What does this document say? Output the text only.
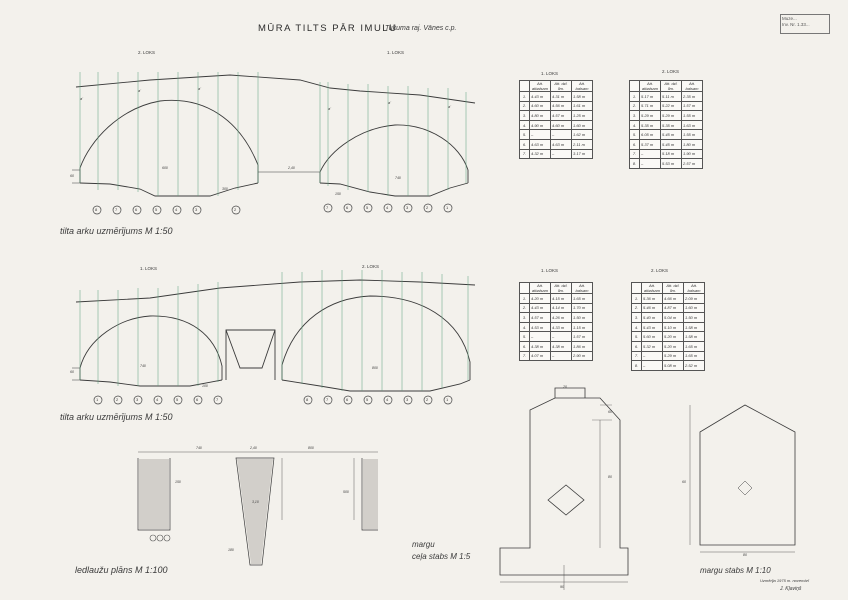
MŪRA TILTS PĀR IMULU
Tukuma raj. Vānes c.p.
Muze...
Inv. Nr. 1.33...
2. LOKS	1. LOKS
1. LOKS	2. LOKS
a'
a'	a'
a'
a'
a'
600	2,40
740
300
60
150
8	7	6	5	4	3	2	7	6	5	4	3	2	1
tilta arku uzmērījums M 1:50
740	800
100
60
1	2	3	4	5	6	7	8	7	6	5	4	3	2	1
tilta arku uzmērījums M 1:50
1. LOKS
	Att. atbalsam	Att. dzī. līm.	Att. balsam
1.	4.43 m	4.31 m	1.58 m
2.	4.60 m	4.56 m	1.61 m
3.	4.80 m	4.57 m	1.25 m
4.	4.90 m	4.60 m	1.60 m
5.	–	–	1.62 m
6.	4.63 m	4.63 m	2.11 m
7.	4.32 m	–	3.17 m
2. LOKS
	Att. atbalsam	Att. dzī. līm.	Att. balsam
1.	5.17 m	5.11 m	2.35 m
2.	5.71 m	5.22 m	1.57 m
3.	5.29 m	5.29 m	1.55 m
4.	5.35 m	5.35 m	1.63 m
5.	6.05 m	5.45 m	1.55 m
6.	5.37 m	5.45 m	1.80 m
7.	–	5.18 m	1.90 m
8.	–	5.53 m	2.57 m
1. LOKS
	Att. atbalsam	Att. dzī. līm.	Att. balsam
1.	4.20 m	4.15 m	1.65 m
2.	4.43 m	4.14 m	1.70 m
3.	4.57 m	4.26 m	1.50 m
4.	4.53 m	4.33 m	1.15 m
5.	–	–	1.57 m
6.	4.38 m	4.38 m	1.86 m
7.	4.07 m	–	2.90 m
2. LOKS
	Att. atbalsam	Att. dzī. līm.	Att. balsam
1.	5.36 m	4.66 m	2.09 m
2.	5.46 m	4.87 m	1.60 m
3.	5.40 m	5.04 m	1.50 m
4.	5.43 m	5.10 m	1.58 m
5.	5.60 m	5.20 m	1.58 m
6.	5.32 m	5.20 m	1.65 m
7.	–	5.29 m	1.65 m
8.	–	5.08 m	2.52 m
740	2,40	800
3,10
150
180
500
ledlaužu plāns M 1:100
20
80
60
90
margu
ceļa stabs M 1:5	80
60
margu stabs M 1:10
Uzmērīja 1975 m. novembrī
J. Kļaviņš
